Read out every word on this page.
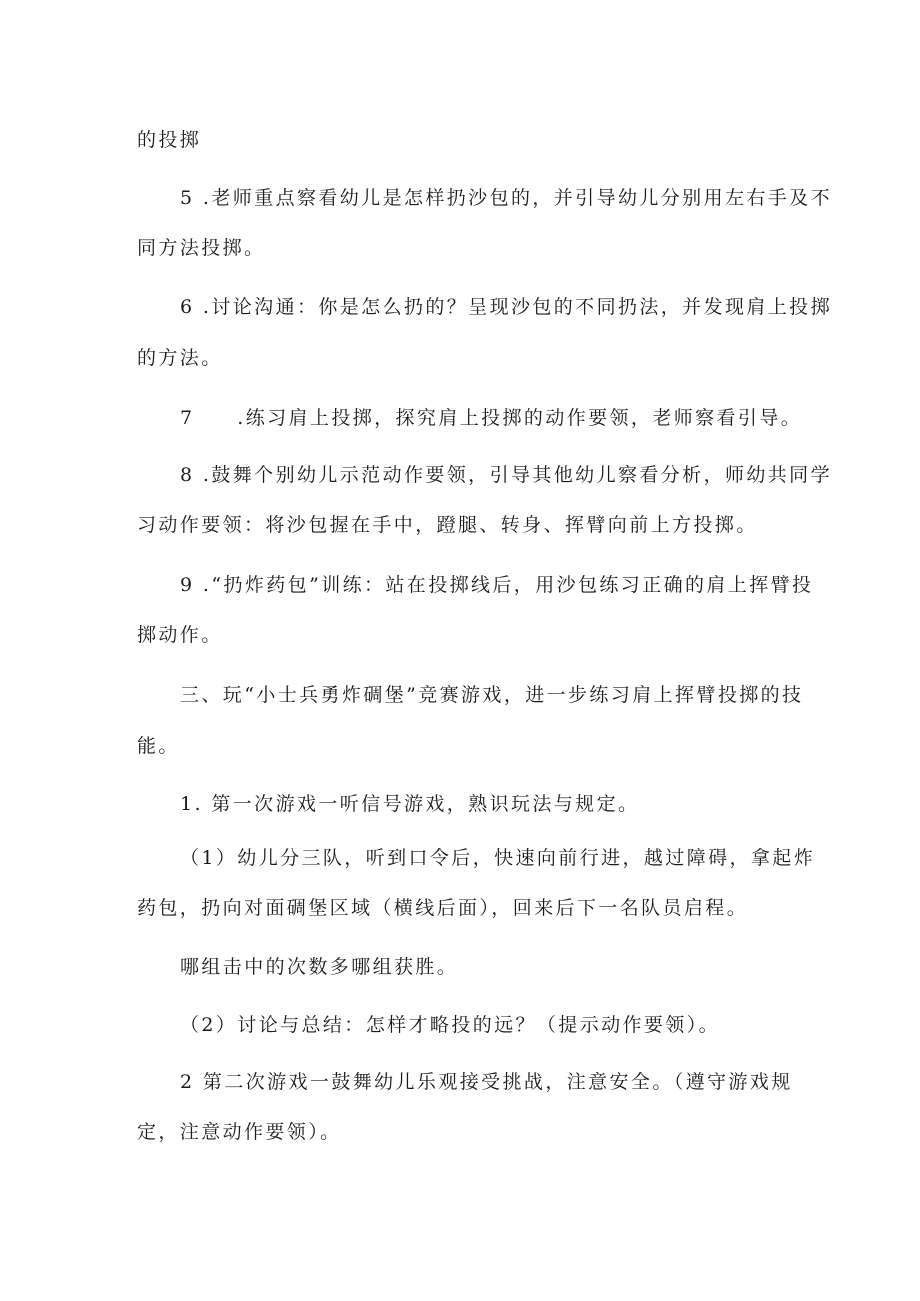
的投掷
5 .老师重点察看幼儿是怎样扔沙包的，并引导幼儿分别用左右手及不
同方法投掷。
6 .讨论沟通：你是怎么扔的？呈现沙包的不同扔法，并发现肩上投掷
的方法。
7　　.练习肩上投掷，探究肩上投掷的动作要领，老师察看引导。
8 .鼓舞个别幼儿示范动作要领，引导其他幼儿察看分析，师幼共同学
习动作要领：将沙包握在手中，蹬腿、转身、挥臂向前上方投掷。
9 .“扔炸药包”训练：站在投掷线后，用沙包练习正确的肩上挥臂投
掷动作。
三、玩“小士兵勇炸碉堡”竞赛游戏，进一步练习肩上挥臂投掷的技
能。
1. 第一次游戏一听信号游戏，熟识玩法与规定。
（1）幼儿分三队，听到口令后，快速向前行进，越过障碍，拿起炸
药包，扔向对面碉堡区域（横线后面），回来后下一名队员启程。
哪组击中的次数多哪组获胜。
（2）讨论与总结：怎样才略投的远？（提示动作要领）。
2 第二次游戏一鼓舞幼儿乐观接受挑战，注意安全。（遵守游戏规
定，注意动作要领）。
